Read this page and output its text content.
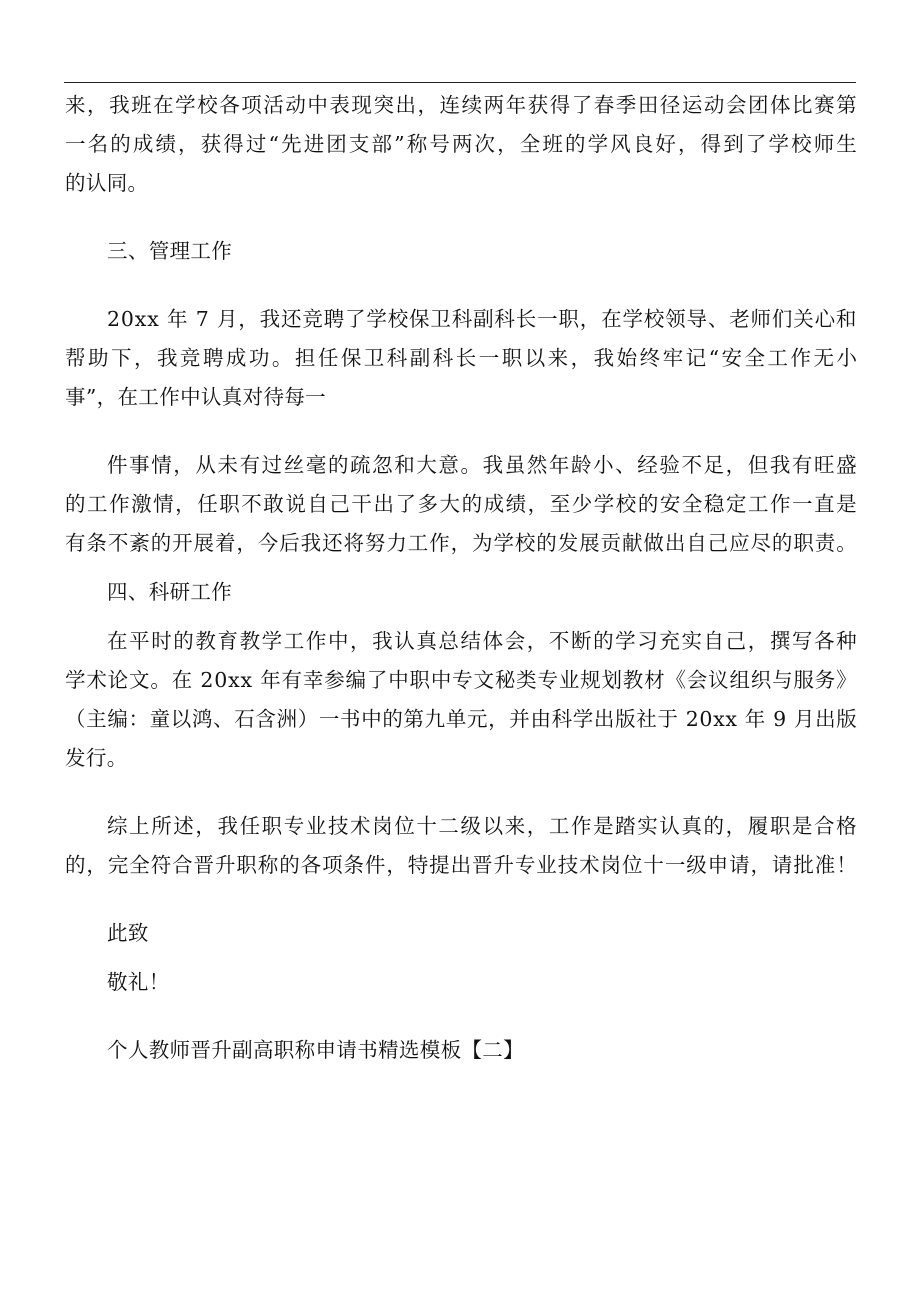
来 ， 我 班 在 学 校 各 项 活 动 中 表 现 突 出 ， 连 续 两 年 获 得 了 春 季 田 径 运 动 会 团 体 比 赛 第
一 名 的 成 绩 ， 获 得 过 “ 先 进 团 支 部 ” 称 号 两 次 ， 全 班 的 学 风 良 好 ， 得 到 了 学 校 师 生
的认同。
三、管理工作
2 0 x x
年
7
月 ， 我 还 竞 聘 了 学 校 保 卫 科 副 科 长 一 职 ， 在 学 校 领 导 、 老 师 们 关 心 和
帮 助 下 ， 我 竞 聘 成 功 。 担 任 保 卫 科 副 科 长 一 职 以 来 ， 我 始 终 牢 记 “ 安 全 工 作 无 小
事”，在工作中认真对待每一
件 事 情 ， 从 未 有 过 丝 毫 的 疏 忽 和 大 意 。 我 虽 然 年 龄 小 、 经 验 不 足 ， 但 我 有 旺 盛
的 工 作 激 情 ， 任 职 不 敢 说 自 己 干 出 了 多 大 的 成 绩 ， 至 少 学 校 的 安 全 稳 定 工 作 一 直 是
有 条 不 紊 的 开 展 着 ， 今 后 我 还 将 努 力 工 作 ， 为 学 校 的 发 展 贡 献 做 出 自 己 应 尽 的 职 责 。
四、科研工作
在 平 时 的 教 育 教 学 工 作 中 ， 我 认 真 总 结 体 会 ， 不 断 的 学 习 充 实 自 己 ， 撰 写 各 种
学 术 论 文 。 在
2 0 x x
年 有 幸 参 编 了 中 职 中 专 文 秘 类 专 业 规 划 教 材 《 会 议 组 织 与 服 务 》
（ 主 编 ： 童 以 鸿 、 石 含 洲 ） 一 书 中 的 第 九 单 元 ， 并 由 科 学 出 版 社 于
2 0 x x
年
9
月 出 版
发行。
综 上 所 述 ， 我 任 职 专 业 技 术 岗 位 十 二 级 以 来 ， 工 作 是 踏 实 认 真 的 ， 履 职 是 合 格
的 ， 完 全 符 合 晋 升 职 称 的 各 项 条 件 ， 特 提 出 晋 升 专 业 技 术 岗 位 十 一 级 申 请 ， 请 批 准 ！
此致
敬礼！
个人教师晋升副高职称申请书精选模板【二】
